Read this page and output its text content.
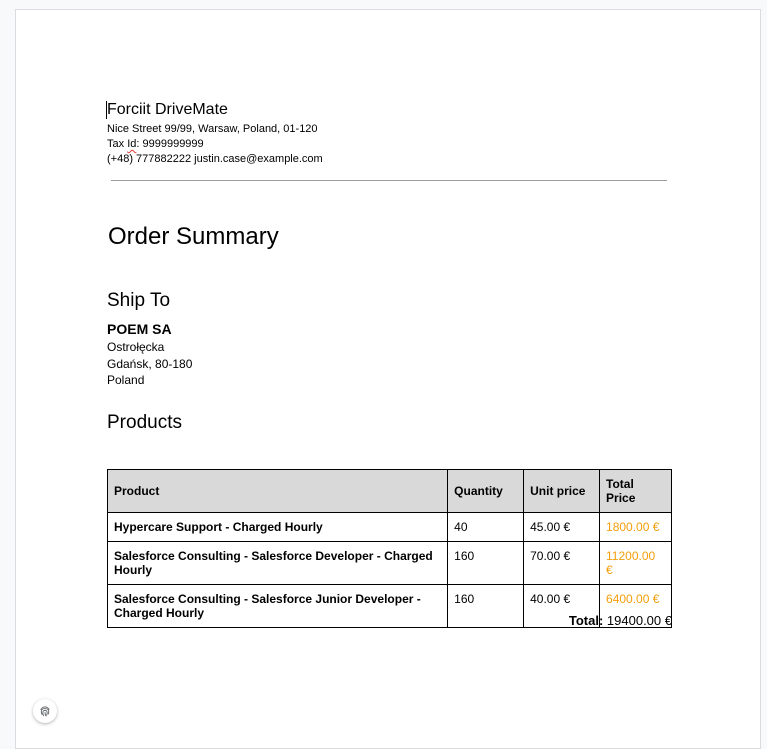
Forciit DriveMate

Nice Street 99/99, Warsaw, Poland, 01-120

Tax Id: 9999999999

(+48) 777882222 justin.case@example.com

Order Summary
Ship To

POEM SA

Ostrołęcka

Gdańsk, 80-180

Poland

Products
Product	Quantity	Unit price	Total Price
Hypercare Support - Charged Hourly	40	45.00 €	1800.00 €
Salesforce Consulting - Salesforce Developer - Charged Hourly	160	70.00 €	11200.00 €
Salesforce Consulting - Salesforce Junior Developer - Charged Hourly	160	40.00 €	6400.00 €
Total: 19400.00 €
